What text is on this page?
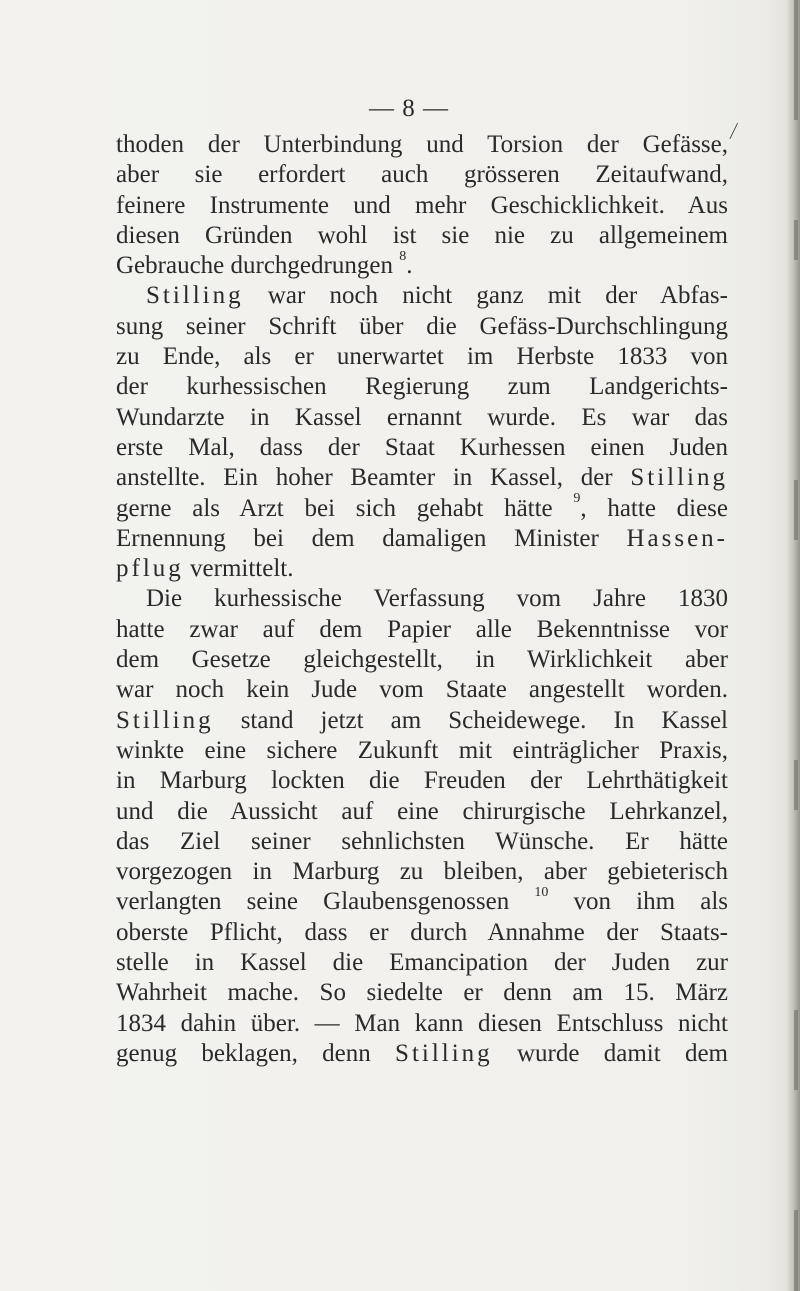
— 8 —
⁄
thoden der Unterbindung und Torsion der Gefässe,
aber sie erfordert auch grösseren Zeitaufwand,
feinere Instrumente und mehr Geschicklichkeit. Aus
diesen Gründen wohl ist sie nie zu allgemeinem
Gebrauche durchgedrungen $^8$.
Stilling war noch nicht ganz mit der Abfas-
sung seiner Schrift über die Gefäss-Durchschlingung
zu Ende, als er unerwartet im Herbste 1833 von
der kurhessischen Regierung zum Landgerichts-
Wundarzte in Kassel ernannt wurde. Es war das
erste Mal, dass der Staat Kurhessen einen Juden
anstellte. Ein hoher Beamter in Kassel, der Stilling
gerne als Arzt bei sich gehabt hätte $^9$, hatte diese
Ernennung bei dem damaligen Minister Hassen-
pflug vermittelt.
Die kurhessische Verfassung vom Jahre 1830
hatte zwar auf dem Papier alle Bekenntnisse vor
dem Gesetze gleichgestellt, in Wirklichkeit aber
war noch kein Jude vom Staate angestellt worden.
Stilling stand jetzt am Scheidewege. In Kassel
winkte eine sichere Zukunft mit einträglicher Praxis,
in Marburg lockten die Freuden der Lehrthätigkeit
und die Aussicht auf eine chirurgische Lehrkanzel,
das Ziel seiner sehnlichsten Wünsche. Er hätte
vorgezogen in Marburg zu bleiben, aber gebieterisch
verlangten seine Glaubensgenossen $^{10}$ von ihm als
oberste Pflicht, dass er durch Annahme der Staats-
stelle in Kassel die Emancipation der Juden zur
Wahrheit mache. So siedelte er denn am 15. März
1834 dahin über. — Man kann diesen Entschluss nicht
genug beklagen, denn Stilling wurde damit dem
